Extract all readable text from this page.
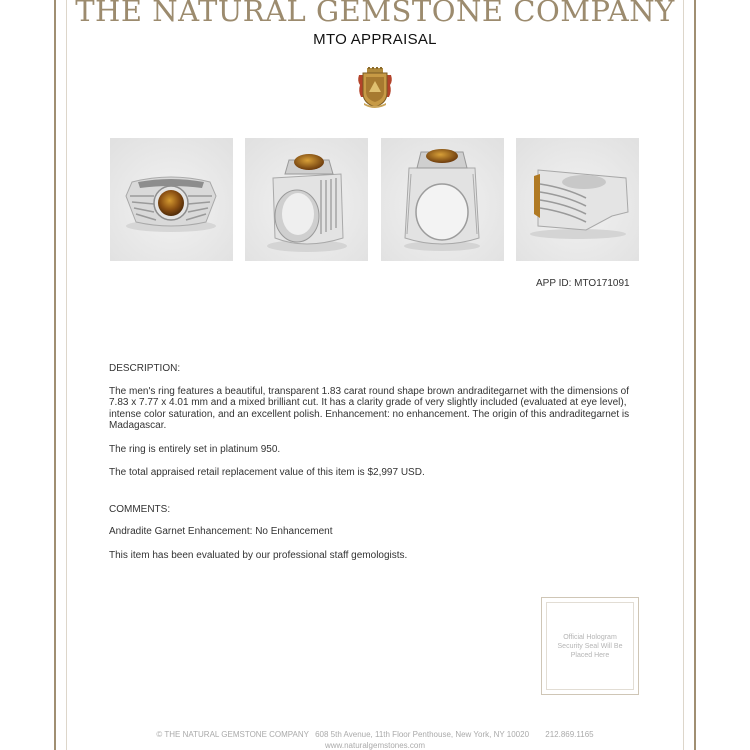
THE NATURAL GEMSTONE COMPANY
MTO APPRAISAL
APP ID: MTO171091

DESCRIPTION:

The men's ring features a beautiful, transparent 1.83 carat round shape brown andraditegarnet with the dimensions of 7.83 x 7.77 x 4.01 mm and a mixed brilliant cut. It has a clarity grade of very slightly included (evaluated at eye level), intense color saturation, and an excellent polish. Enhancement: no enhancement. The origin of this andraditegarnet is Madagascar.

The ring is entirely set in platinum 950.

The total appraised retail replacement value of this item is $2,997 USD.

COMMENTS:

Andradite Garnet Enhancement: No Enhancement

This item has been evaluated by our professional staff gemologists.

Official Hologram Security Seal Will Be Placed Here
© THE NATURAL GEMSTONE COMPANY 608 5th Avenue, 11th Floor Penthouse, New York, NY 10020 212.869.1165
www.naturalgemstones.com
